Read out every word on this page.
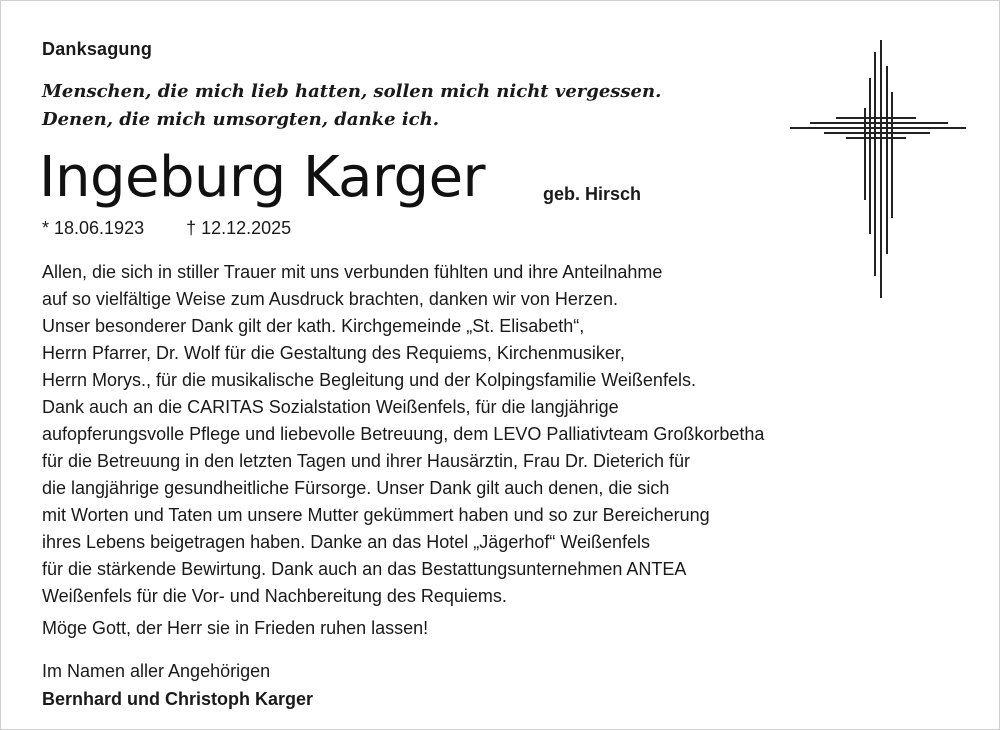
Danksagung
Menschen, die mich lieb hatten, sollen mich nicht vergessen.
Denen, die mich umsorgten, danke ich.
Ingeburg Karger	geb. Hirsch
* 18.06.1923 † 12.12.2025
Allen, die sich in stiller Trauer mit uns verbunden fühlten und ihre Anteilnahme
auf so vielfältige Weise zum Ausdruck brachten, danken wir von Herzen.
Unser besonderer Dank gilt der kath. Kirchgemeinde „St. Elisabeth“,
Herrn Pfarrer, Dr. Wolf für die Gestaltung des Requiems, Kirchenmusiker,
Herrn Morys., für die musikalische Begleitung und der Kolpingsfamilie Weißenfels.
Dank auch an die CARITAS Sozialstation Weißenfels, für die langjährige
aufopferungsvolle Pflege und liebevolle Betreuung, dem LEVO Palliativteam Großkorbetha
für die Betreuung in den letzten Tagen und ihrer Hausärztin, Frau Dr. Dieterich für
die langjährige gesundheitliche Fürsorge. Unser Dank gilt auch denen, die sich
mit Worten und Taten um unsere Mutter gekümmert haben und so zur Bereicherung
ihres Lebens beigetragen haben. Danke an das Hotel „Jägerhof“ Weißenfels
für die stärkende Bewirtung. Dank auch an das Bestattungsunternehmen ANTEA
Weißenfels für die Vor- und Nachbereitung des Requiems.
Möge Gott, der Herr sie in Frieden ruhen lassen!
Im Namen aller Angehörigen
Bernhard und Christoph Karger
